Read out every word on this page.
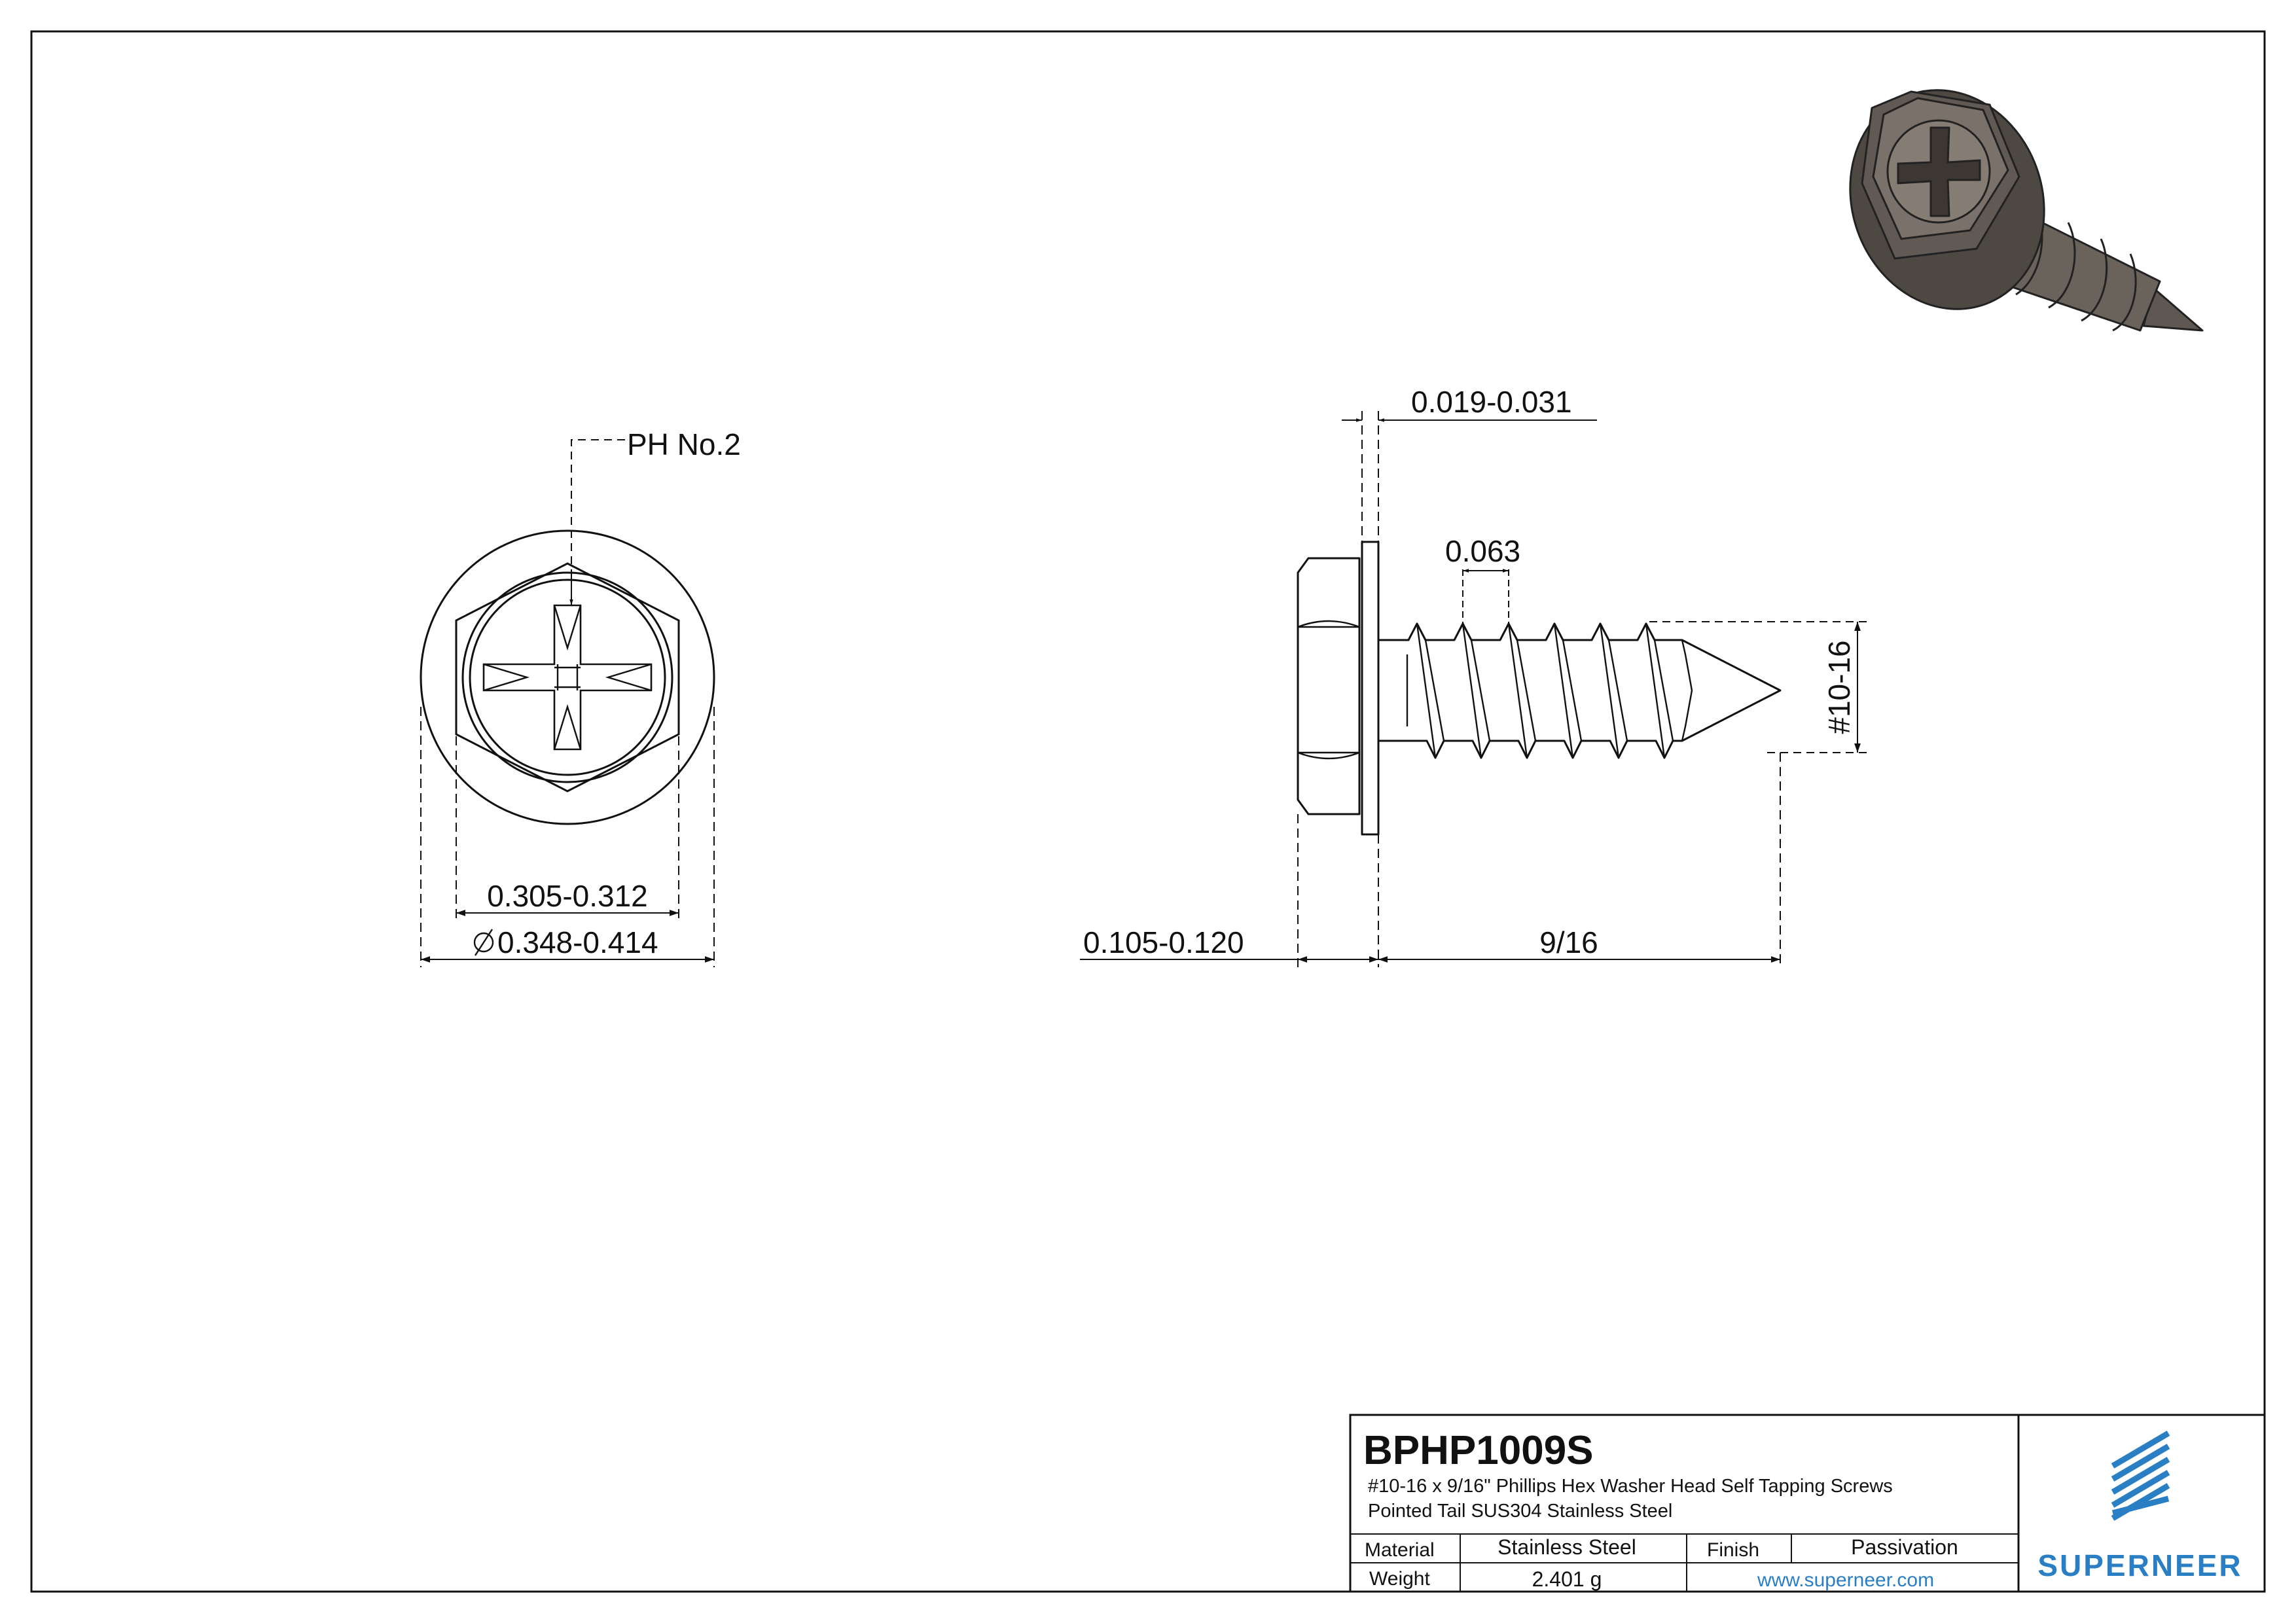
PH No.2
0.305-0.312
0.348-0.414
0.019-0.031
0.063
#10-16
0.105-0.120	9/16
BPHP1009S
#10-16 x 9/16" Phillips Hex Washer Head Self Tapping Screws
Pointed Tail SUS304 Stainless Steel
Material	Stainless Steel	Finish	Passivation
Weight	2.401 g	www.superneer.com	SUPERNEER
